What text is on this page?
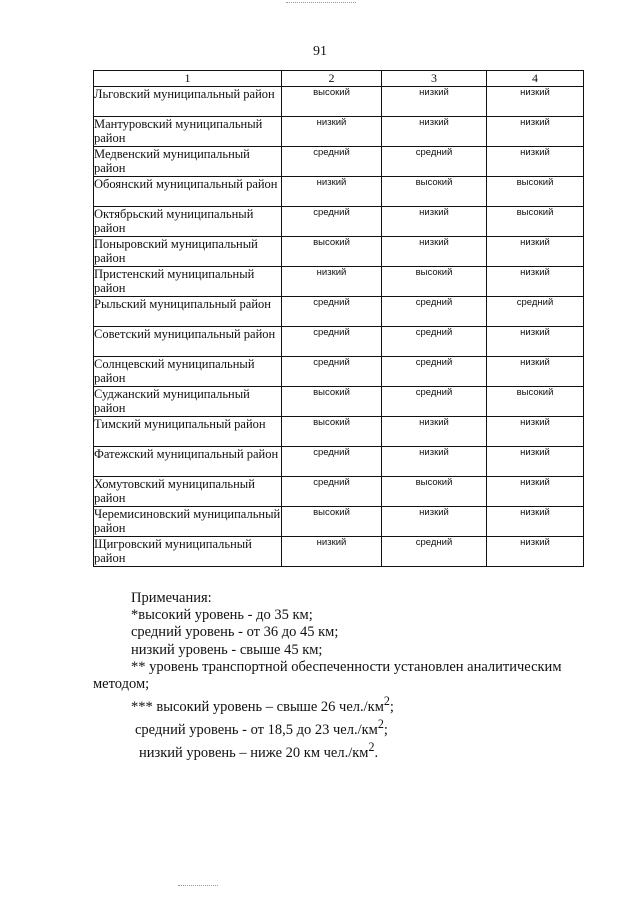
91
1	2	3	4
Льговский муниципальный район	высокий	низкий	низкий
Мантуровский муниципальный район	низкий	низкий	низкий
Медвенский муниципальный район	средний	средний	низкий
Обоянский муниципальный район	низкий	высокий	высокий
Октябрьский муниципальный район	средний	низкий	высокий
Поныровский муниципальный район	высокий	низкий	низкий
Пристенский муниципальный район	низкий	высокий	низкий
Рыльский муниципальный район	средний	средний	средний
Советский муниципальный район	средний	средний	низкий
Солнцевский муниципальный район	средний	средний	низкий
Суджанский муниципальный район	высокий	средний	высокий
Тимский муниципальный район	высокий	низкий	низкий
Фатежский муниципальный район	средний	низкий	низкий
Хомутовский муниципальный район	средний	высокий	низкий
Черемисиновский муниципальный район	высокий	низкий	низкий
Щигровский муниципальный район	низкий	средний	низкий

Примечания:

*высокий уровень - до 35 км;

средний уровень - от 36 до 45 км;

низкий уровень - свыше 45 км;

** уровень транспортной обеспеченности установлен аналитическим

методом;

*** высокий уровень – свыше 26 $чел./км^2$;

средний уровень - от 18,5 до 23 $чел./км^2$;

низкий уровень – ниже 20 км $чел./км^2$.
